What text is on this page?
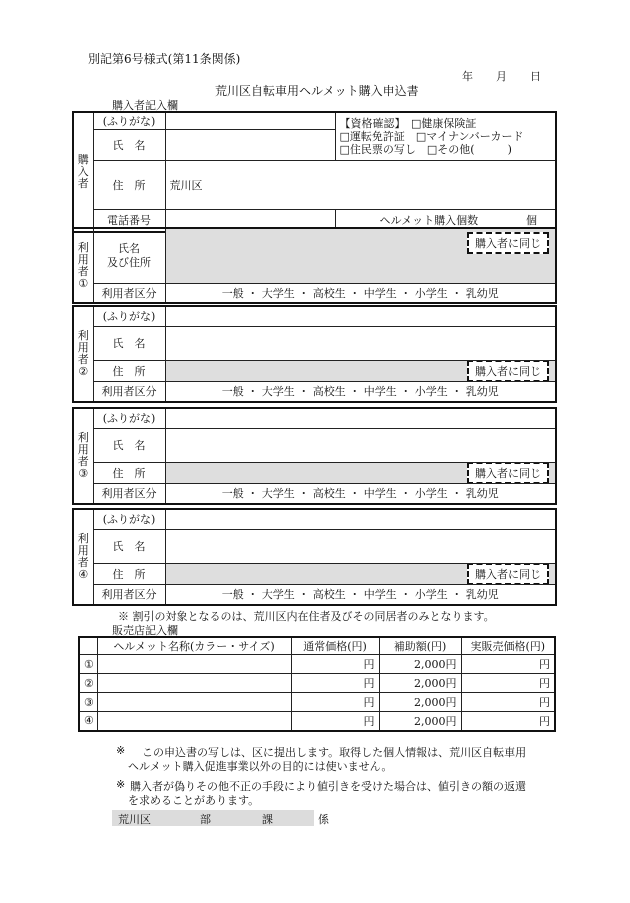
別記第6号様式(第11条関係)
年 月 日
荒川区自転車用ヘルメット購入申込書
購入者記入欄
購
入
者	(ふりがな)		【資格確認】　 □健康保険証
□運転免許証　 □マイナンバーカード
□住民票の写し　 □その他(　　　)

	氏　名		
	住　所	荒川区	
	電話番号		ヘルメット購入個数 個
利
用
者
①	氏名
及び住所	購入者に同じ

	利用者区分	一般 ・ 大学生 ・ 高校生 ・ 中学生 ・ 小学生 ・ 乳幼児
利
用
者
②	(ふりがな)	
	氏　名	
	住　所	購入者に同じ

	利用者区分	一般 ・ 大学生 ・ 高校生 ・ 中学生 ・ 小学生 ・ 乳幼児
利
用
者
③	(ふりがな)	
	氏　名	
	住　所	購入者に同じ

	利用者区分	一般 ・ 大学生 ・ 高校生 ・ 中学生 ・ 小学生 ・ 乳幼児
利
用
者
④	(ふりがな)	
	氏　名	
	住　所	購入者に同じ

	利用者区分	一般 ・ 大学生 ・ 高校生 ・ 中学生 ・ 小学生 ・ 乳幼児
※ 割引の対象となるのは、荒川区内在住者及びその同居者のみとなります。
販売店記入欄
	ヘルメット名称(カラー・サイズ)	通常価格(円)	補助額(円)	実販売価格(円)
①		円	2,000円	円
②		円	2,000円	円
③		円	2,000円	円
④		円	2,000円	円
※ この申込書の写しは、区に提出します。取得した個人情報は、荒川区自転車用
ヘルメット購入促進事業以外の目的には使いません。
※ 購入者が偽りその他不正の手段により値引きを受けた場合は、値引きの額の返還
を求めることがあります。
荒川区	部	課	係
